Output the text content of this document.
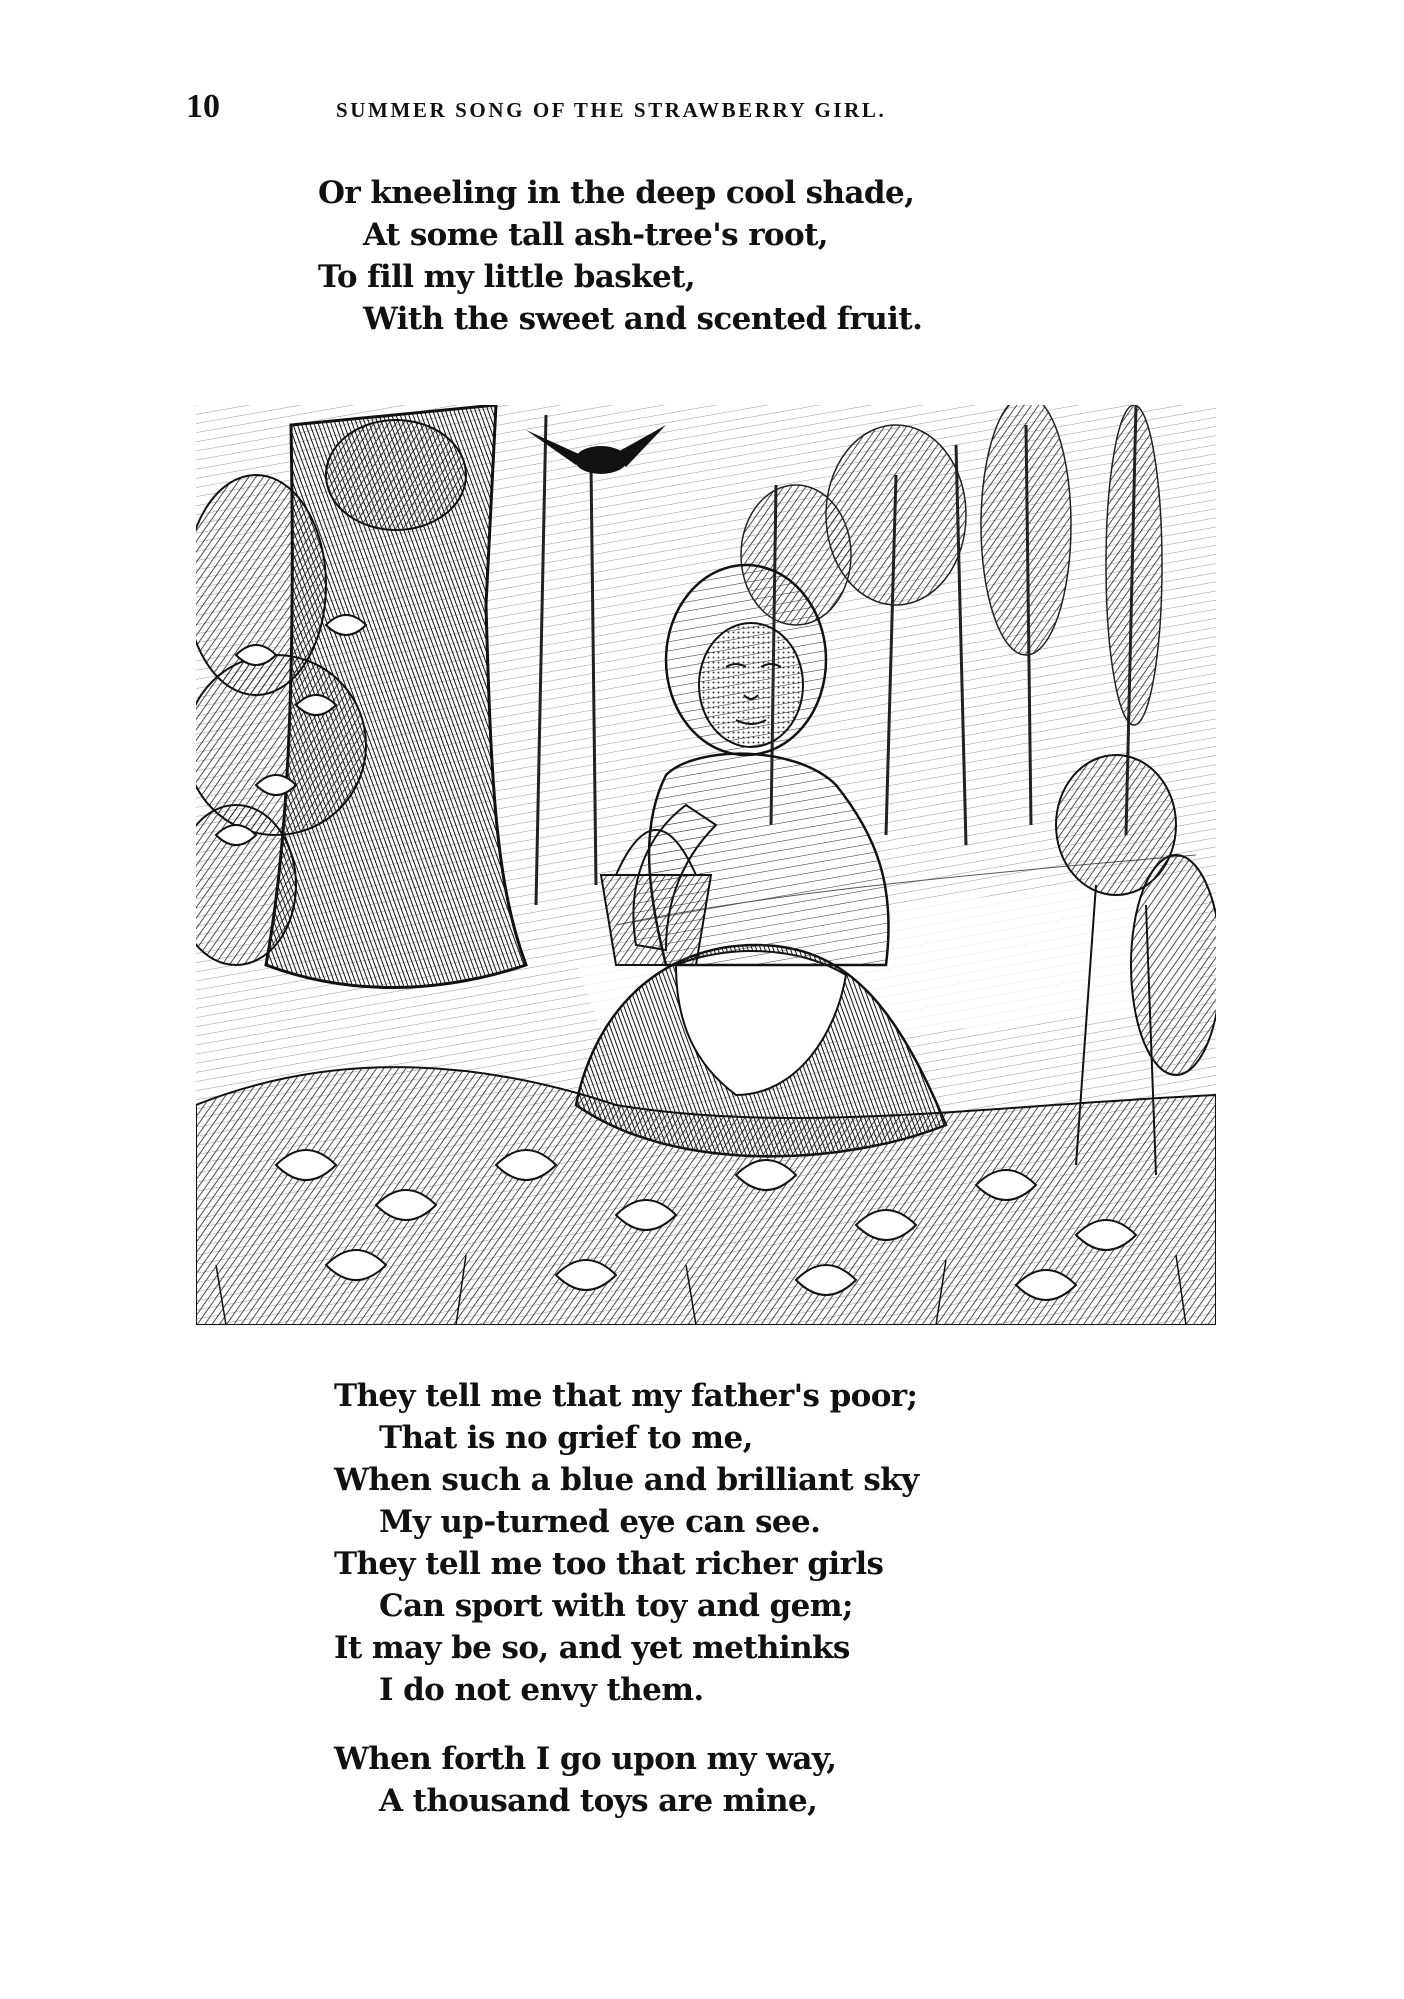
10	SUMMER SONG OF THE STRAWBERRY GIRL.
Or kneeling in the deep cool shade,
At some tall ash-tree's root,
To fill my little basket,
With the sweet and scented fruit.
They tell me that my father's poor;
That is no grief to me,
When such a blue and brilliant sky
My up-turned eye can see.
They tell me too that richer girls
Can sport with toy and gem;
It may be so, and yet methinks
I do not envy them.
When forth I go upon my way,
A thousand toys are mine,
